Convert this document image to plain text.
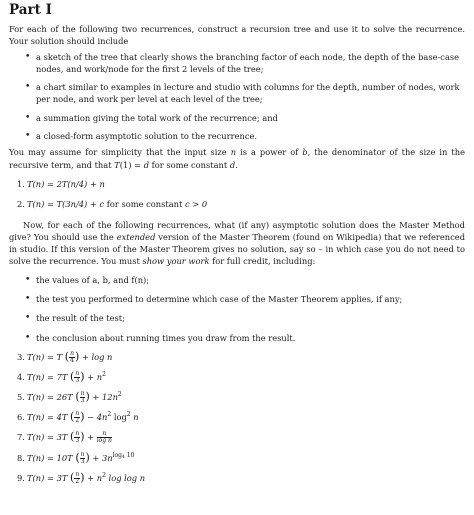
Part I

For each of the following two recurrences, construct a recursion tree and use it to solve the recurrence. Your solution should include

• a sketch of the tree that clearly shows the branching factor of each node, the depth of the base-case nodes, and work/node for the first 2 levels of the tree;
• a chart similar to examples in lecture and studio with columns for the depth, number of nodes, work per node, and work per level at each level of the tree;
• a summation giving the total work of the recurrence; and
• a closed-form asymptotic solution to the recurrence.

You may assume for simplicity that the input size n is a power of b, the denominator of the size in the recursive term, and that T(1) = d for some constant d.

1. T(n) = 2T(n/4) + n
2. T(n) = T(3n/4) + c for some constant c > 0

Now, for each of the following recurrences, what (if any) asymptotic solution does the Master Method give? You should use the extended version of the Master Theorem (found on Wikipedia) that we referenced in studio. If this version of the Master Theorem gives no solution, say so – in which case you do not need to solve the recurrence. You must show your work for full credit, including:

• the values of a, b, and f(n);
• the test you performed to determine which case of the Master Theorem applies, if any;
• the result of the test;
• the conclusion about running times you draw from the result.
3. T(n) = T ( $\frac{n}{4}$ ) + log n
4. T(n) = 7T ( $\frac{n}{3}$ ) + $n^2$
5. T(n) = 26T ( $\frac{n}{3}$ ) + $12n^2$
6. T(n) = 4T ( $\frac{n}{2}$ ) − $4n^2$ $\log^2 n$
7. T(n) = 3T ( $\frac{n}{3}$ ) + $\frac{n}{\text{log n}}$
8. T(n) = 10T ( $\frac{n}{3}$ ) + $3n^{log4 10}$
9. T(n) = 3T ( $\frac{n}{2}$ ) + $n^2$ log log n
